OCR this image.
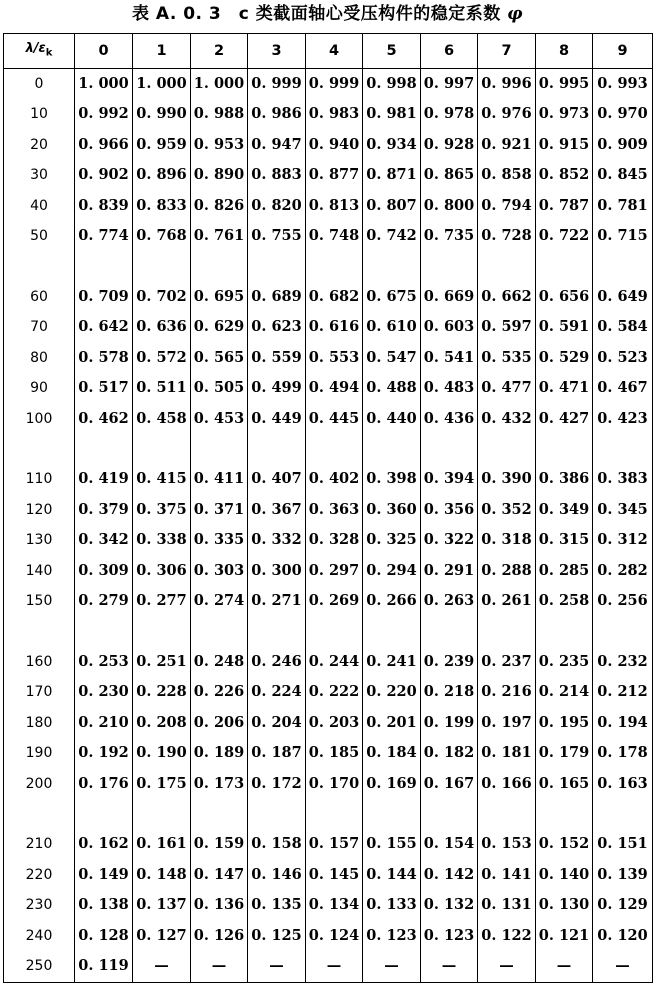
表 A. 0. 3　c 类截面轴心受压构件的稳定系数 φ
$\lambda/\varepsilon_k$	0	1	2	3	4	5	6	7	8	9
0	1. 000	1. 000	1. 000	0. 999	0. 999	0. 998	0. 997	0. 996	0. 995	0. 993
10	0. 992	0. 990	0. 988	0. 986	0. 983	0. 981	0. 978	0. 976	0. 973	0. 970
20	0. 966	0. 959	0. 953	0. 947	0. 940	0. 934	0. 928	0. 921	0. 915	0. 909
30	0. 902	0. 896	0. 890	0. 883	0. 877	0. 871	0. 865	0. 858	0. 852	0. 845
40	0. 839	0. 833	0. 826	0. 820	0. 813	0. 807	0. 800	0. 794	0. 787	0. 781
50	0. 774	0. 768	0. 761	0. 755	0. 748	0. 742	0. 735	0. 728	0. 722	0. 715

60	0. 709	0. 702	0. 695	0. 689	0. 682	0. 675	0. 669	0. 662	0. 656	0. 649
70	0. 642	0. 636	0. 629	0. 623	0. 616	0. 610	0. 603	0. 597	0. 591	0. 584
80	0. 578	0. 572	0. 565	0. 559	0. 553	0. 547	0. 541	0. 535	0. 529	0. 523
90	0. 517	0. 511	0. 505	0. 499	0. 494	0. 488	0. 483	0. 477	0. 471	0. 467
100	0. 462	0. 458	0. 453	0. 449	0. 445	0. 440	0. 436	0. 432	0. 427	0. 423

110	0. 419	0. 415	0. 411	0. 407	0. 402	0. 398	0. 394	0. 390	0. 386	0. 383
120	0. 379	0. 375	0. 371	0. 367	0. 363	0. 360	0. 356	0. 352	0. 349	0. 345
130	0. 342	0. 338	0. 335	0. 332	0. 328	0. 325	0. 322	0. 318	0. 315	0. 312
140	0. 309	0. 306	0. 303	0. 300	0. 297	0. 294	0. 291	0. 288	0. 285	0. 282
150	0. 279	0. 277	0. 274	0. 271	0. 269	0. 266	0. 263	0. 261	0. 258	0. 256

160	0. 253	0. 251	0. 248	0. 246	0. 244	0. 241	0. 239	0. 237	0. 235	0. 232
170	0. 230	0. 228	0. 226	0. 224	0. 222	0. 220	0. 218	0. 216	0. 214	0. 212
180	0. 210	0. 208	0. 206	0. 204	0. 203	0. 201	0. 199	0. 197	0. 195	0. 194
190	0. 192	0. 190	0. 189	0. 187	0. 185	0. 184	0. 182	0. 181	0. 179	0. 178
200	0. 176	0. 175	0. 173	0. 172	0. 170	0. 169	0. 167	0. 166	0. 165	0. 163

210	0. 162	0. 161	0. 159	0. 158	0. 157	0. 155	0. 154	0. 153	0. 152	0. 151
220	0. 149	0. 148	0. 147	0. 146	0. 145	0. 144	0. 142	0. 141	0. 140	0. 139
230	0. 138	0. 137	0. 136	0. 135	0. 134	0. 133	0. 132	0. 131	0. 130	0. 129
240	0. 128	0. 127	0. 126	0. 125	0. 124	0. 123	0. 123	0. 122	0. 121	0. 120
250	0. 119	—	—	—	—	—	—	—	—	—
